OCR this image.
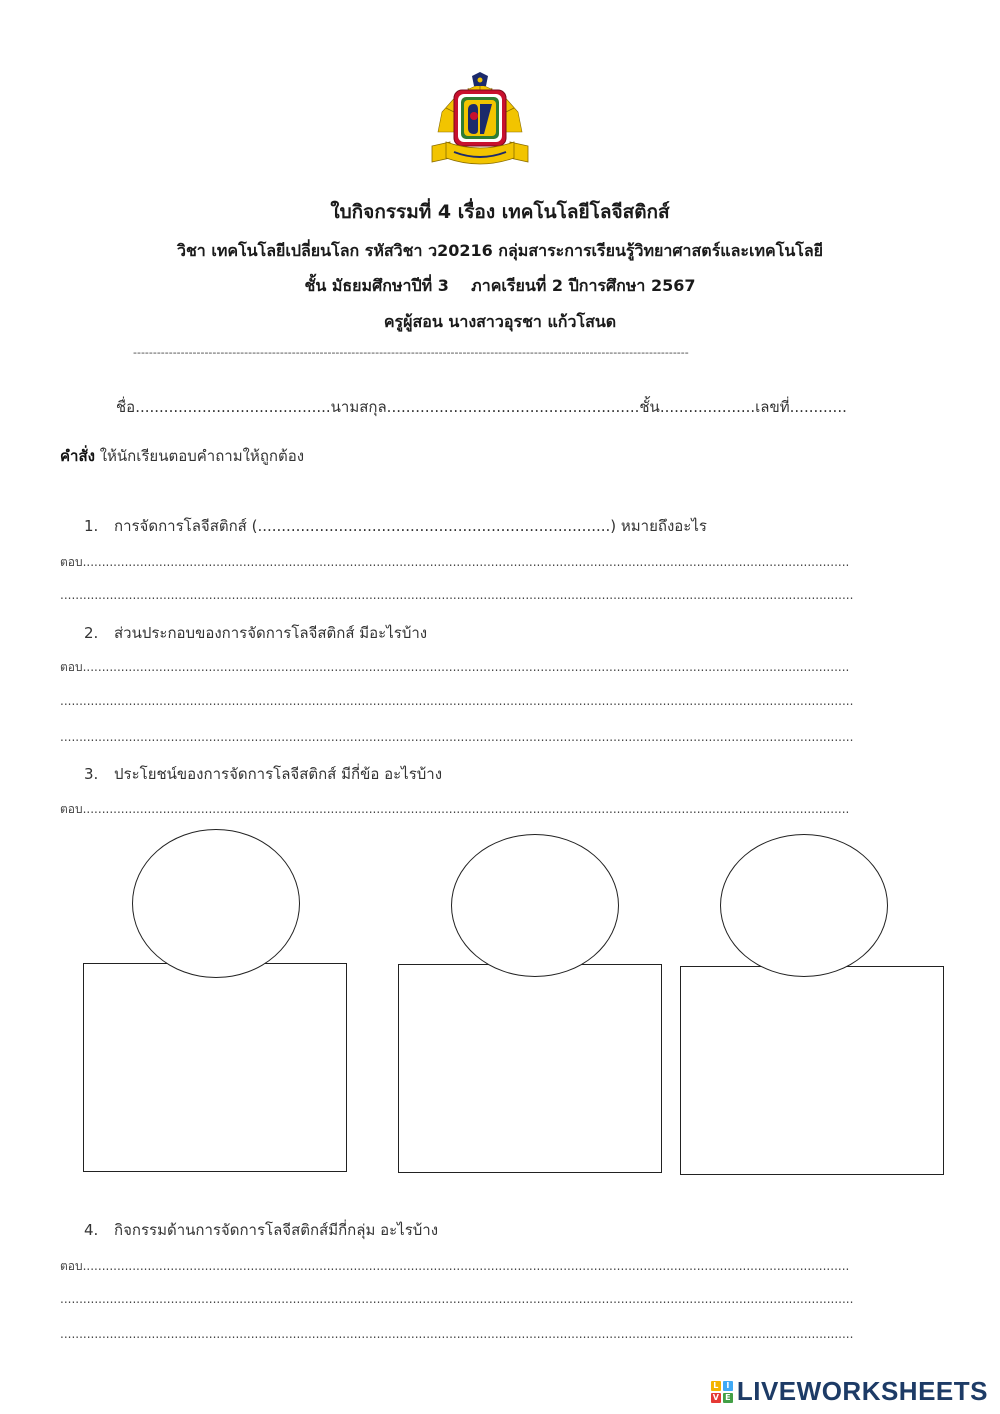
ใบกิจกรรมที่ 4 เรื่อง เทคโนโลยีโลจีสติกส์
วิชา เทคโนโลยีเปลี่ยนโลก รหัสวิชา ว20216 กลุ่มสาระการเรียนรู้วิทยาศาสตร์และเทคโนโลยี
ชั้น มัธยมศึกษาปีที่ 3    ภาคเรียนที่ 2 ปีการศึกษา 2567
ครูผู้สอน นางสาวอุรชา แก้วโสนด
--------------------------------------------------------------------------------------------------------------------------------------------
ชื่อ.........................................นามสกุล.....................................................ชั้น....................เลขที่............
คำสั่ง ให้นักเรียนตอบคำถามให้ถูกต้อง
1. การจัดการโลจีสติกส์ (..........................................................................) หมายถึงอะไร
ตอบ.........................................................................................................................................................................................................
................................................................................................................................................................................................................
2. ส่วนประกอบของการจัดการโลจีสติกส์ มีอะไรบ้าง
ตอบ.........................................................................................................................................................................................................
................................................................................................................................................................................................................
................................................................................................................................................................................................................
3. ประโยชน์ของการจัดการโลจีสติกส์ มีกี่ข้อ อะไรบ้าง
ตอบ.........................................................................................................................................................................................................
4. กิจกรรมด้านการจัดการโลจีสติกส์มีกี่กลุ่ม อะไรบ้าง
ตอบ.........................................................................................................................................................................................................
................................................................................................................................................................................................................
................................................................................................................................................................................................................
L I
V E LIVEWORKSHEETS
